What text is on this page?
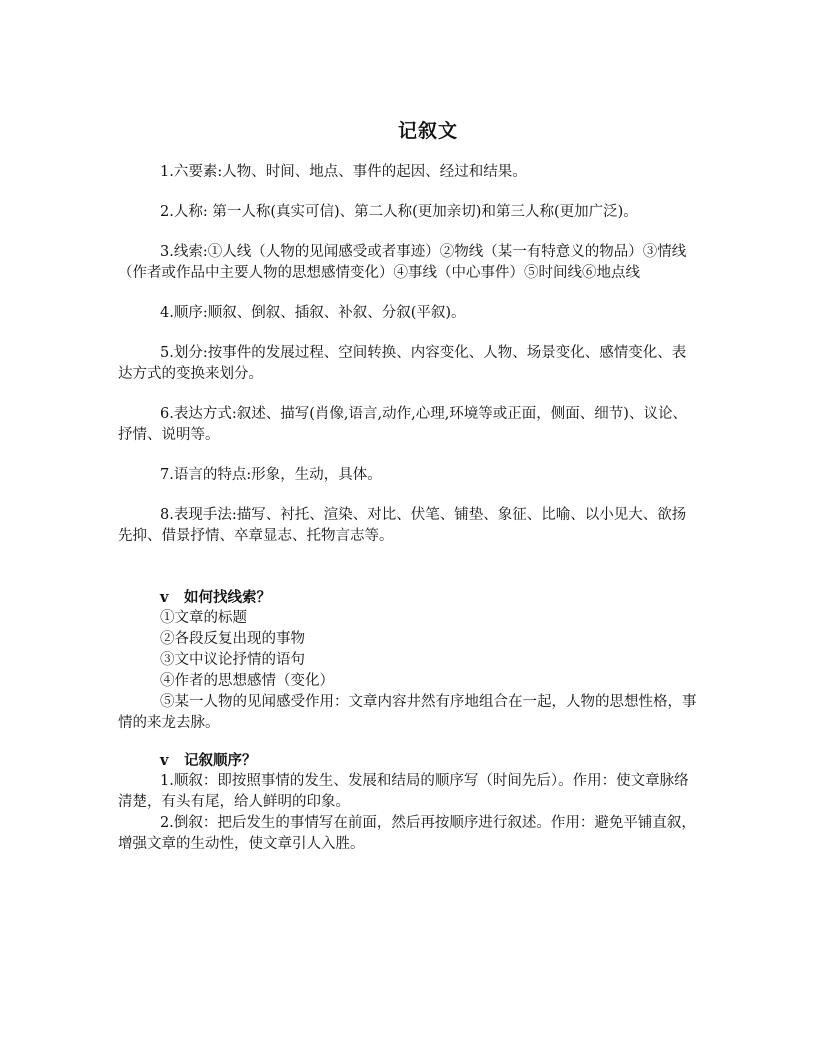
记叙文

1.六要素:人物、时间、地点、事件的起因、经过和结果。

2.人称: 第一人称(真实可信)、第二人称(更加亲切)和第三人称(更加广泛)。

3.线索:①人线（人物的见闻感受或者事迹）②物线（某一有特意义的物品）③情线（作者或作品中主要人物的思想感情变化）④事线（中心事件）⑤时间线⑥地点线

4.顺序:顺叙、倒叙、插叙、补叙、分叙(平叙)。

5.划分:按事件的发展过程、空间转换、内容变化、人物、场景变化、感情变化、表达方式的变换来划分。

6.表达方式:叙述、描写(肖像,语言,动作,心理,环境等或正面，侧面、细节)、议论、抒情、说明等。

7.语言的特点:形象，生动，具体。

8.表现手法:描写、衬托、渲染、对比、伏笔、铺垫、象征、比喻、以小见大、欲扬先抑、借景抒情、卒章显志、托物言志等。

v 如何找线索？

①文章的标题

②各段反复出现的事物

③文中议论抒情的语句

④作者的思想感情（变化）

⑤某一人物的见闻感受作用：文章内容井然有序地组合在一起，人物的思想性格，事情的来龙去脉。

v 记叙顺序？

1.顺叙：即按照事情的发生、发展和结局的顺序写（时间先后）。作用：使文章脉络清楚，有头有尾，给人鲜明的印象。

2.倒叙：把后发生的事情写在前面，然后再按顺序进行叙述。作用：避免平铺直叙，增强文章的生动性，使文章引人入胜。
